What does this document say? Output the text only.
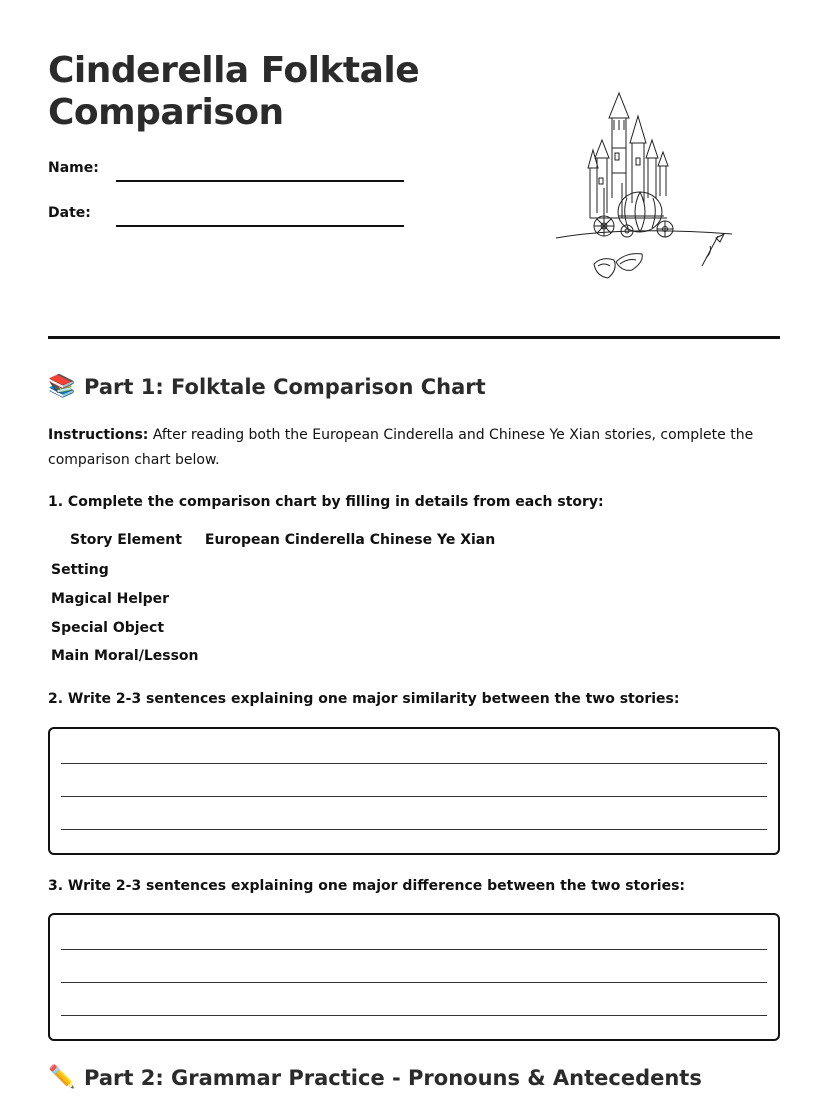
Cinderella Folktale Comparison
Name:
Date:
📚 Part 1: Folktale Comparison Chart
Instructions: After reading both the European Cinderella and Chinese Ye Xian stories, complete the comparison chart below.
1. Complete the comparison chart by filling in details from each story:
Story Element European Cinderella Chinese Ye Xian
Setting
Magical Helper
Special Object
Main Moral/Lesson
2. Write 2-3 sentences explaining one major similarity between the two stories:
3. Write 2-3 sentences explaining one major difference between the two stories:
✏️ Part 2: Grammar Practice - Pronouns & Antecedents
